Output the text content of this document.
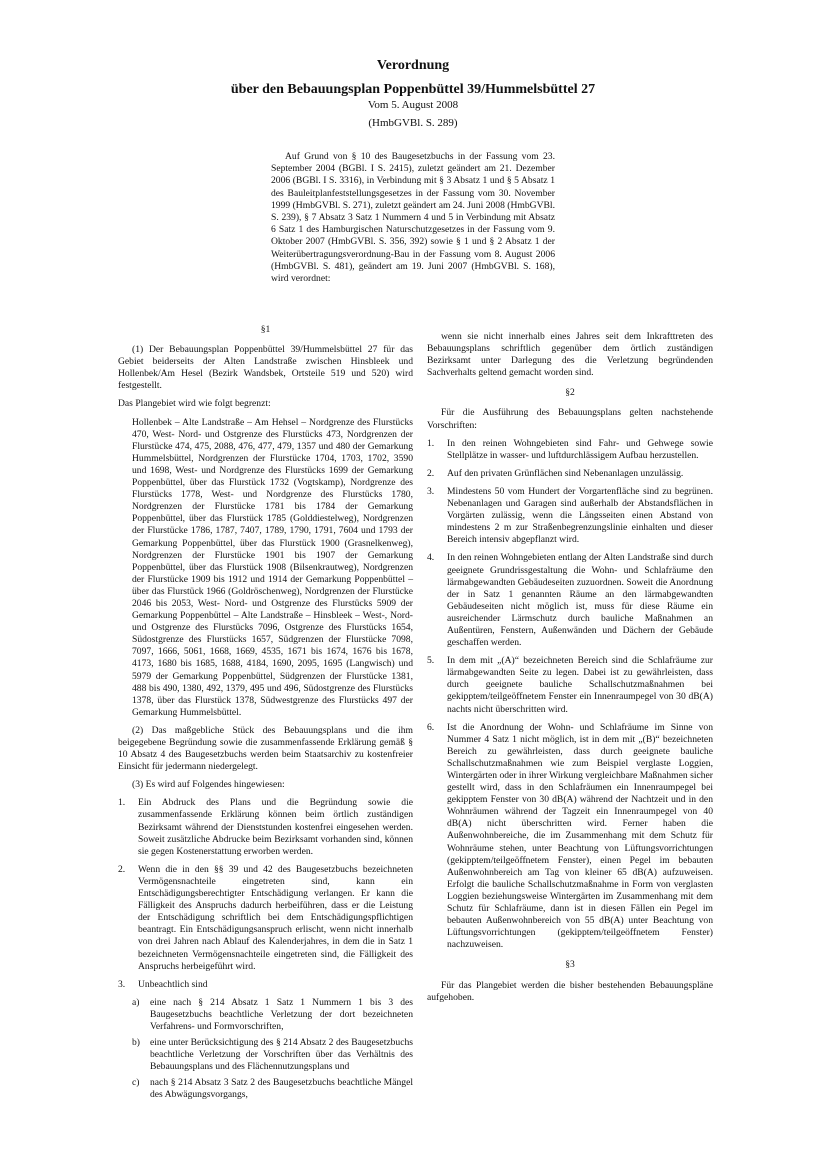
Verordnung
über den Bebauungsplan Poppenbüttel 39/Hummelsbüttel 27
Vom 5. August 2008
(HmbGVBl. S. 289)

Auf Grund von § 10 des Baugesetzbuchs in der Fassung vom 23. September 2004 (BGBl. I S. 2415), zuletzt geändert am 21. Dezember 2006 (BGBl. I S. 3316), in Verbindung mit § 3 Absatz 1 und § 5 Absatz 1 des Bauleitplanfeststellungsgesetzes in der Fassung vom 30. November 1999 (HmbGVBl. S. 271), zuletzt geändert am 24. Juni 2008 (HmbGVBl. S. 239), § 7 Absatz 3 Satz 1 Nummern 4 und 5 in Verbindung mit Absatz 6 Satz 1 des Hamburgischen Naturschutzgesetzes in der Fassung vom 9. Oktober 2007 (HmbGVBl. S. 356, 392) sowie § 1 und § 2 Absatz 1 der Weiterübertragungsverordnung-Bau in der Fassung vom 8. August 2006 (HmbGVBl. S. 481), geändert am 19. Juni 2007 (HmbGVBl. S. 168), wird verordnet:

§1

(1) Der Bebauungsplan Poppenbüttel 39/Hummelsbüttel 27 für das Gebiet beiderseits der Alten Landstraße zwischen Hinsbleek und Hollenbek/Am Hesel (Bezirk Wandsbek, Ortsteile 519 und 520) wird festgestellt.

Das Plangebiet wird wie folgt begrenzt:

Hollenbek – Alte Landstraße – Am Hehsel – Nordgrenze des Flurstücks 470, West- Nord- und Ostgrenze des Flurstücks 473, Nordgrenzen der Flurstücke 474, 475, 2088, 476, 477, 479, 1357 und 480 der Gemarkung Hummelsbüttel, Nordgrenzen der Flurstücke 1704, 1703, 1702, 3590 und 1698, West- und Nordgrenze des Flurstücks 1699 der Gemarkung Poppenbüttel, über das Flurstück 1732 (Vogtskamp), Nordgrenze des Flurstücks 1778, West- und Nordgrenze des Flurstücks 1780, Nordgrenzen der Flurstücke 1781 bis 1784 der Gemarkung Poppenbüttel, über das Flurstück 1785 (Golddiestelweg), Nordgrenzen der Flurstücke 1786, 1787, 7407, 1789, 1790, 1791, 7604 und 1793 der Gemarkung Poppenbüttel, über das Flurstück 1900 (Grasnelkenweg), Nordgrenzen der Flurstücke 1901 bis 1907 der Gemarkung Poppenbüttel, über das Flurstück 1908 (Bilsenkrautweg), Nordgrenzen der Flurstücke 1909 bis 1912 und 1914 der Gemarkung Poppenbüttel – über das Flurstück 1966 (Goldröschenweg), Nordgrenzen der Flurstücke 2046 bis 2053, West- Nord- und Ostgrenze des Flurstücks 5909 der Gemarkung Poppenbüttel – Alte Landstraße – Hinsbleek – West-, Nord- und Ostgrenze des Flurstücks 7096, Ostgrenze des Flurstücks 1654, Südostgrenze des Flurstücks 1657, Südgrenzen der Flurstücke 7098, 7097, 1666, 5061, 1668, 1669, 4535, 1671 bis 1674, 1676 bis 1678, 4173, 1680 bis 1685, 1688, 4184, 1690, 2095, 1695 (Langwisch) und 5979 der Gemarkung Poppenbüttel, Südgrenzen der Flurstücke 1381, 488 bis 490, 1380, 492, 1379, 495 und 496, Südostgrenze des Flurstücks 1378, über das Flurstück 1378, Südwestgrenze des Flurstücks 497 der Gemarkung Hummelsbüttel.

(2) Das maßgebliche Stück des Bebauungsplans und die ihm beigegebene Begründung sowie die zusammenfassende Erklärung gemäß § 10 Absatz 4 des Baugesetzbuchs werden beim Staatsarchiv zu kostenfreier Einsicht für jedermann niedergelegt.

(3) Es wird auf Folgendes hingewiesen:

1.	Ein Abdruck des Plans und die Begründung sowie die zusammenfassende Erklärung können beim örtlich zuständigen Bezirksamt während der Dienststunden kostenfrei eingesehen werden. Soweit zusätzliche Abdrucke beim Bezirksamt vorhanden sind, können sie gegen Kostenerstattung erworben werden.
2.	Wenn die in den §§ 39 und 42 des Baugesetzbuchs bezeichneten Vermögensnachteile eingetreten sind, kann ein Entschädigungsberechtigter Entschädigung verlangen. Er kann die Fälligkeit des Anspruchs dadurch herbeiführen, dass er die Leistung der Entschädigung schriftlich bei dem Entschädigungspflichtigen beantragt. Ein Entschädigungsanspruch erlischt, wenn nicht innerhalb von drei Jahren nach Ablauf des Kalenderjahres, in dem die in Satz 1 bezeichneten Vermögensnachteile eingetreten sind, die Fälligkeit des Anspruchs herbeigeführt wird.
3.	Unbeachtlich sind
a)	eine nach § 214 Absatz 1 Satz 1 Nummern 1 bis 3 des Baugesetzbuchs beachtliche Verletzung der dort bezeichneten Verfahrens- und Formvorschriften,
b)	eine unter Berücksichtigung des § 214 Absatz 2 des Baugesetzbuchs beachtliche Verletzung der Vorschriften über das Verhältnis des Bebauungsplans und des Flächennutzungsplans und
c)	nach § 214 Absatz 3 Satz 2 des Baugesetzbuchs beachtliche Mängel des Abwägungsvorgangs,

wenn sie nicht innerhalb eines Jahres seit dem Inkrafttreten des Bebauungsplans schriftlich gegenüber dem örtlich zuständigen Bezirksamt unter Darlegung des die Verletzung begründenden Sachverhalts geltend gemacht worden sind.

§2

Für die Ausführung des Bebauungsplans gelten nachstehende Vorschriften:

1.	In den reinen Wohngebieten sind Fahr- und Gehwege sowie Stellplätze in wasser- und luftdurchlässigem Aufbau herzustellen.
2.	Auf den privaten Grünflächen sind Nebenanlagen unzulässig.
3.	Mindestens 50 vom Hundert der Vorgartenfläche sind zu begrünen. Nebenanlagen und Garagen sind außerhalb der Abstandsflächen in Vorgärten zulässig, wenn die Längsseiten einen Abstand von mindestens 2 m zur Straßenbegrenzungslinie einhalten und dieser Bereich intensiv abgepflanzt wird.
4.	In den reinen Wohngebieten entlang der Alten Landstraße sind durch geeignete Grundrissgestaltung die Wohn- und Schlafräume den lärmabgewandten Gebäudeseiten zuzuordnen. Soweit die Anordnung der in Satz 1 genannten Räume an den lärmabgewandten Gebäudeseiten nicht möglich ist, muss für diese Räume ein ausreichender Lärmschutz durch bauliche Maßnahmen an Außentüren, Fenstern, Außenwänden und Dächern der Gebäude geschaffen werden.
5.	In dem mit „(A)“ bezeichneten Bereich sind die Schlafräume zur lärmabgewandten Seite zu legen. Dabei ist zu gewährleisten, dass durch geeignete bauliche Schallschutzmaßnahmen bei gekipptem/teilgeöffnetem Fenster ein Innenraumpegel von 30 dB(A) nachts nicht überschritten wird.
6.	Ist die Anordnung der Wohn- und Schlafräume im Sinne von Nummer 4 Satz 1 nicht möglich, ist in dem mit „(B)“ bezeichneten Bereich zu gewährleisten, dass durch geeignete bauliche Schallschutzmaßnahmen wie zum Beispiel verglaste Loggien, Wintergärten oder in ihrer Wirkung vergleichbare Maßnahmen sicher gestellt wird, dass in den Schlafräumen ein Innenraumpegel bei gekipptem Fenster von 30 dB(A) während der Nachtzeit und in den Wohnräumen während der Tagzeit ein Innenraumpegel von 40 dB(A) nicht überschritten wird. Ferner haben die Außenwohnbereiche, die im Zusammenhang mit dem Schutz für Wohnräume stehen, unter Beachtung von Lüftungsvorrichtungen (gekipptem/teilgeöffnetem Fenster), einen Pegel im bebauten Außenwohnbereich am Tag von kleiner 65 dB(A) aufzuweisen. Erfolgt die bauliche Schallschutzmaßnahme in Form von verglasten Loggien beziehungsweise Wintergärten im Zusammenhang mit dem Schutz für Schlafräume, dann ist in diesen Fällen ein Pegel im bebauten Außenwohnbereich von 55 dB(A) unter Beachtung von Lüftungsvorrichtungen (gekipptem/teilgeöffnetem Fenster) nachzuweisen.

§3

Für das Plangebiet werden die bisher bestehenden Bebauungspläne aufgehoben.
